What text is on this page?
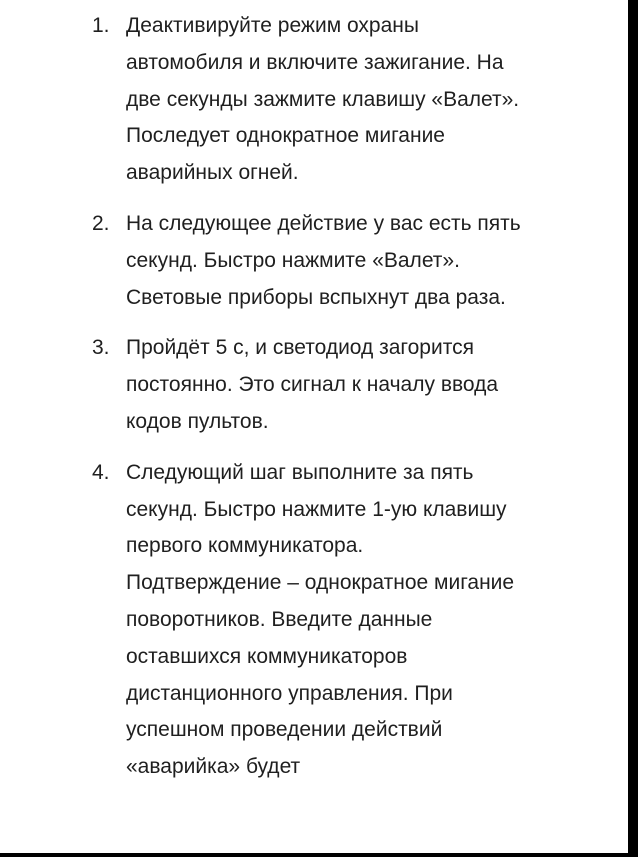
1. Деактивируйте режим охраны автомобиля и включите зажигание. На две секунды зажмите клавишу «Валет». Последует однократное мигание аварийных огней.
2. На следующее действие у вас есть пять секунд. Быстро нажмите «Валет». Световые приборы вспыхнут два раза.
3. Пройдёт 5 с, и светодиод загорится постоянно. Это сигнал к началу ввода кодов пультов.
4. Следующий шаг выполните за пять секунд. Быстро нажмите 1-ую клавишу первого коммуникатора. Подтверждение – однократное мигание поворотников. Введите данные оставшихся коммуникаторов дистанционного управления. При успешном проведении действий «аварийка» будет
